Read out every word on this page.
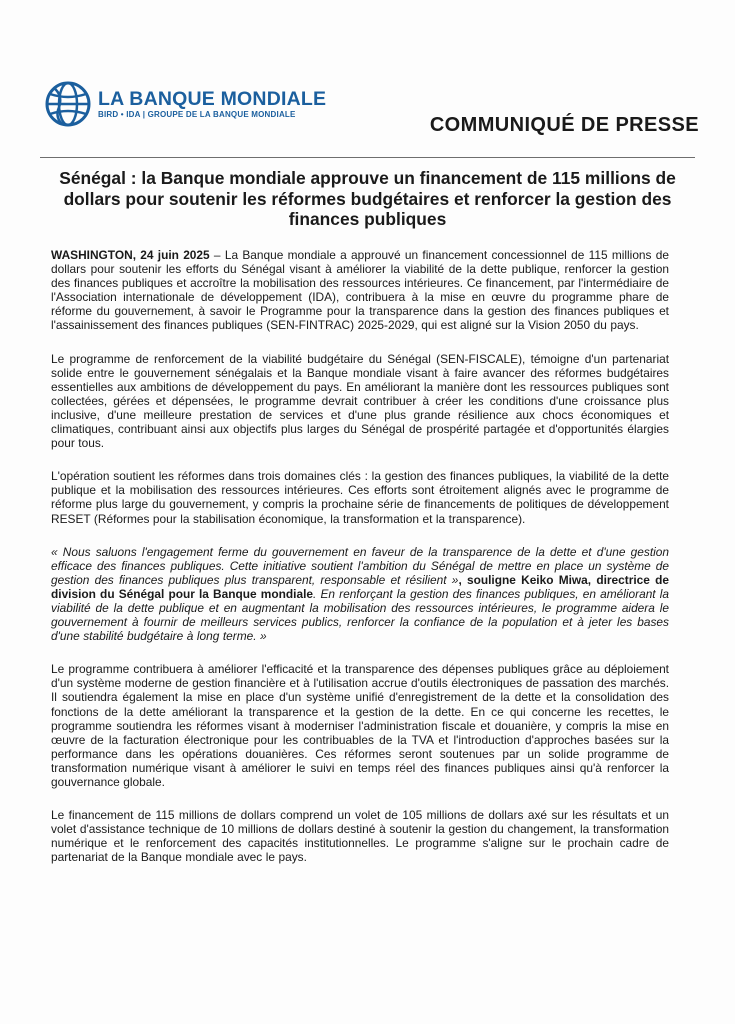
LA BANQUE MONDIALE
BIRD • IDA | GROUPE DE LA BANQUE MONDIALE	COMMUNIQUÉ DE PRESSE
Sénégal : la Banque mondiale approuve un financement de 115 millions de dollars pour soutenir les réformes budgétaires et renforcer la gestion des finances publiques

WASHINGTON, 24 juin 2025 – La Banque mondiale a approuvé un financement concessionnel de 115 millions de dollars pour soutenir les efforts du Sénégal visant à améliorer la viabilité de la dette publique, renforcer la gestion des finances publiques et accroître la mobilisation des ressources intérieures. Ce financement, par l'intermédiaire de l'Association internationale de développement (IDA), contribuera à la mise en œuvre du programme phare de réforme du gouvernement, à savoir le Programme pour la transparence dans la gestion des finances publiques et l'assainissement des finances publiques (SEN-FINTRAC) 2025-2029, qui est aligné sur la Vision 2050 du pays.

Le programme de renforcement de la viabilité budgétaire du Sénégal (SEN-FISCALE), témoigne d'un partenariat solide entre le gouvernement sénégalais et la Banque mondiale visant à faire avancer des réformes budgétaires essentielles aux ambitions de développement du pays. En améliorant la manière dont les ressources publiques sont collectées, gérées et dépensées, le programme devrait contribuer à créer les conditions d'une croissance plus inclusive, d'une meilleure prestation de services et d'une plus grande résilience aux chocs économiques et climatiques, contribuant ainsi aux objectifs plus larges du Sénégal de prospérité partagée et d'opportunités élargies pour tous.

L'opération soutient les réformes dans trois domaines clés : la gestion des finances publiques, la viabilité de la dette publique et la mobilisation des ressources intérieures. Ces efforts sont étroitement alignés avec le programme de réforme plus large du gouvernement, y compris la prochaine série de financements de politiques de développement RESET (Réformes pour la stabilisation économique, la transformation et la transparence).

« Nous saluons l'engagement ferme du gouvernement en faveur de la transparence de la dette et d'une gestion efficace des finances publiques. Cette initiative soutient l'ambition du Sénégal de mettre en place un système de gestion des finances publiques plus transparent, responsable et résilient », souligne Keiko Miwa, directrice de division du Sénégal pour la Banque mondiale. En renforçant la gestion des finances publiques, en améliorant la viabilité de la dette publique et en augmentant la mobilisation des ressources intérieures, le programme aidera le gouvernement à fournir de meilleurs services publics, renforcer la confiance de la population et à jeter les bases d'une stabilité budgétaire à long terme. »

Le programme contribuera à améliorer l'efficacité et la transparence des dépenses publiques grâce au déploiement d'un système moderne de gestion financière et à l'utilisation accrue d'outils électroniques de passation des marchés. Il soutiendra également la mise en place d'un système unifié d'enregistrement de la dette et la consolidation des fonctions de la dette améliorant la transparence et la gestion de la dette. En ce qui concerne les recettes, le programme soutiendra les réformes visant à moderniser l'administration fiscale et douanière, y compris la mise en œuvre de la facturation électronique pour les contribuables de la TVA et l'introduction d'approches basées sur la performance dans les opérations douanières. Ces réformes seront soutenues par un solide programme de transformation numérique visant à améliorer le suivi en temps réel des finances publiques ainsi qu'à renforcer la gouvernance globale.

Le financement de 115 millions de dollars comprend un volet de 105 millions de dollars axé sur les résultats et un volet d'assistance technique de 10 millions de dollars destiné à soutenir la gestion du changement, la transformation numérique et le renforcement des capacités institutionnelles. Le programme s'aligne sur le prochain cadre de partenariat de la Banque mondiale avec le pays.
